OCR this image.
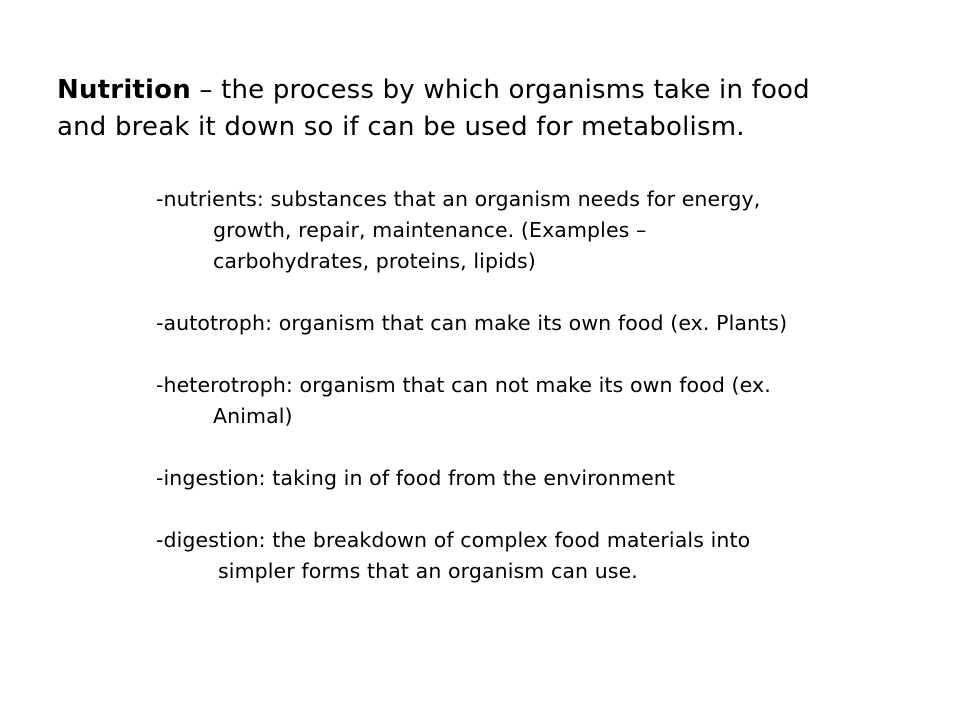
Nutrition – the process by which organisms take in food
and break it down so if can be used for metabolism.
-nutrients: substances that an organism needs for energy,
growth, repair, maintenance. (Examples –
carbohydrates, proteins, lipids)
-autotroph: organism that can make its own food (ex. Plants)
-heterotroph: organism that can not make its own food (ex.
Animal)
-ingestion: taking in of food from the environment
-digestion: the breakdown of complex food materials into
simpler forms that an organism can use.
